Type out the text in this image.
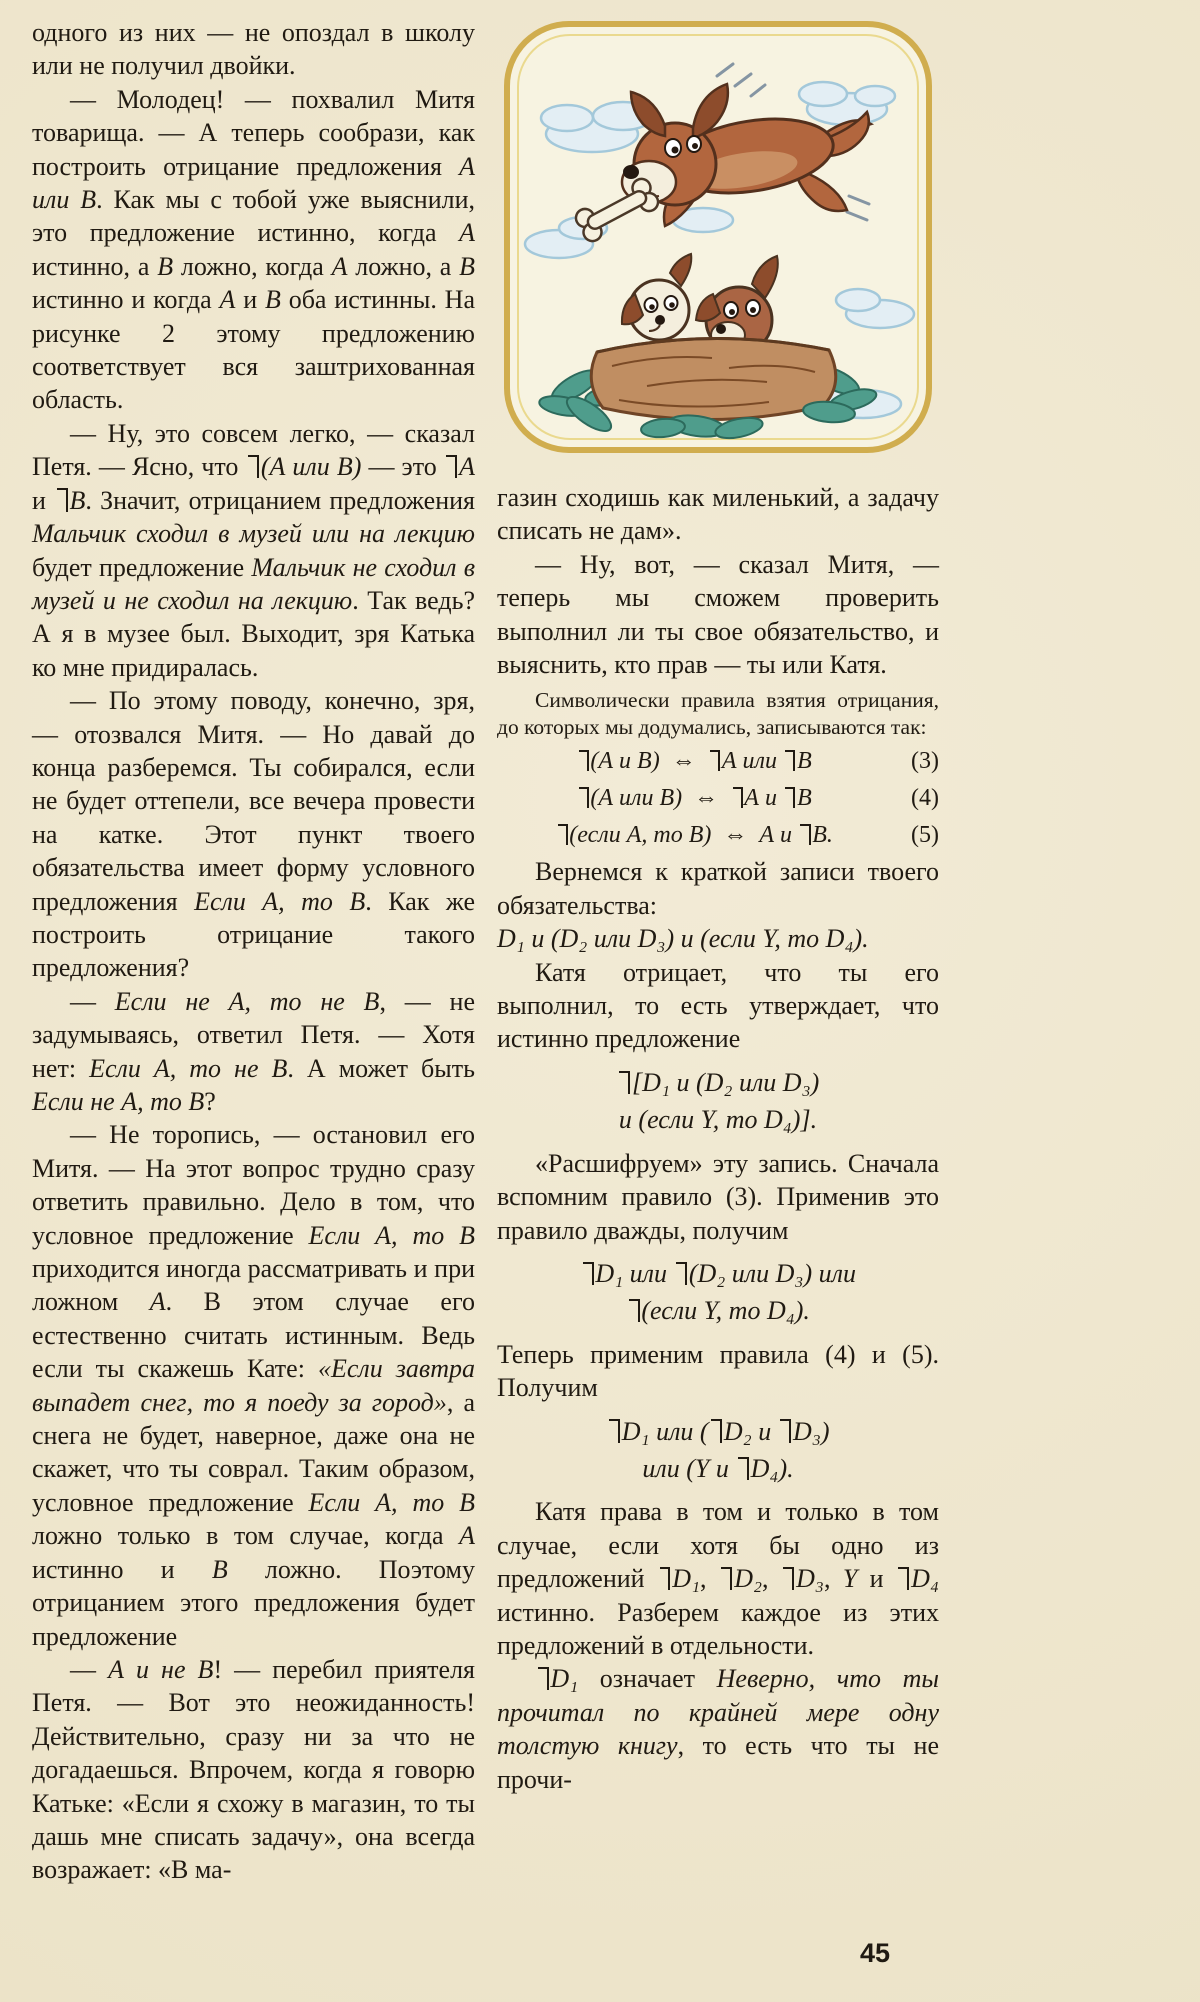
одного из них — не опоздал в школу или не получил двойки.
— Молодец! — похвалил Митя товарища. — А теперь сообрази, как построить отрицание предложения А или В. Как мы с тобой уже выяснили, это предложение истинно, когда А истинно, а В ложно, когда А ложно, а В истинно и когда А и В оба истинны. На рисунке 2 этому предложению соответствует вся заштрихованная область.
— Ну, это совсем легко, — сказал Петя. — Ясно, что (А или В) — это А и В. Значит, отрицанием предложения Мальчик сходил в музей или на лекцию будет предложение Мальчик не сходил в музей и не сходил на лекцию. Так ведь? А я в музее был. Выходит, зря Катька ко мне придиралась.
— По этому поводу, конечно, зря, — отозвался Митя. — Но давай до конца разберемся. Ты собирался, если не будет оттепели, все вечера провести на катке. Этот пункт твоего обязательства имеет форму условного предложения Если А, то В. Как же построить отрицание такого предложения?
— Если не А, то не В, — не задумываясь, ответил Петя. — Хотя нет: Если А, то не В. А может быть Если не А, то В?
— Не торопись, — остановил его Митя. — На этот вопрос трудно сразу ответить правильно. Дело в том, что условное предложение Если А, то В приходится иногда рассматривать и при ложном А. В этом случае его естественно считать истинным. Ведь если ты скажешь Кате: «Если завтра выпадет снег, то я поеду за город», а снега не будет, наверное, даже она не скажет, что ты соврал. Таким образом, условное предложение Если А, то В ложно только в том случае, когда А истинно и В ложно. Поэтому отрицанием этого предложения будет предложение
— А и не В! — перебил приятеля Петя. — Вот это неожиданность! Действительно, сразу ни за что не догадаешься. Впрочем, когда я говорю Катьке: «Если я схожу в магазин, то ты дашь мне списать задачу», она всегда возражает: «В ма-
газин сходишь как миленький, а задачу списать не дам».
— Ну, вот, — сказал Митя, — теперь мы сможем проверить выполнил ли ты свое обязательство, и выяснить, кто прав — ты или Катя.
Символически правила взятия отрицания, до которых мы додумались, записываются так:
(А и В)  ⇔  А или В	(3)
(А или В)  ⇔  А и В	(4)
(если А, то В)  ⇔  А и В.	(5)
Вернемся к краткой записи твоего обязательства:
D₁ и (D₂ или D₃) и (если Y, то D₄).
Катя отрицает, что ты его выполнил, то есть утверждает, что истинно предложение
[D₁ и (D₂ или D₃)
и (если Y, то D₄)].
«Расшифруем» эту запись. Сначала вспомним правило (3). Применив это правило дважды, получим
D₁ или (D₂ или D₃) или
(если Y, то D₄).
Теперь применим правила (4) и (5). Получим
D₁ или ( D₂ и D₃)
или (Y и D₄).
Катя права в том и только в том случае, если хотя бы одно из предложений D₁, D₂, D₃, Y и D₄ истинно. Разберем каждое из этих предложений в отдельности.
D₁ означает Неверно, что ты прочитал по крайней мере одну толстую книгу, то есть что ты не прочи-
45
